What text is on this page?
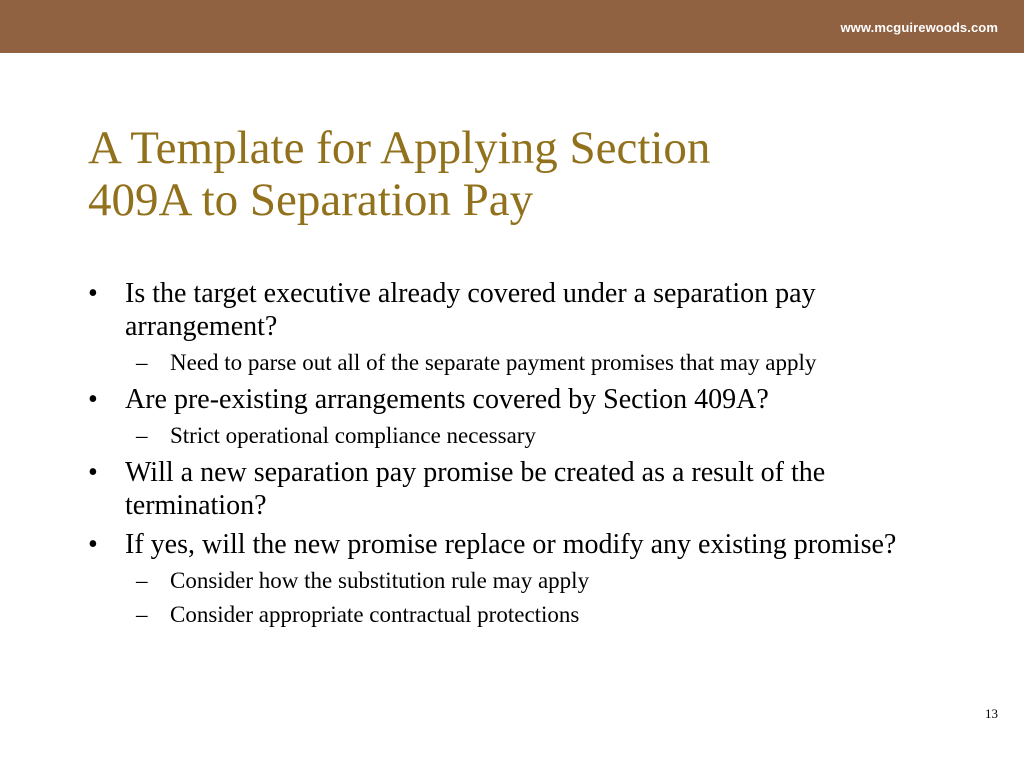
www.mcguirewoods.com
A Template for Applying Section
409A to Separation Pay
• Is the target executive already covered under a separation pay arrangement?
– Need to parse out all of the separate payment promises that may apply
• Are pre-existing arrangements covered by Section 409A?
– Strict operational compliance necessary
• Will a new separation pay promise be created as a result of the termination?
• If yes, will the new promise replace or modify any existing promise?
– Consider how the substitution rule may apply
– Consider appropriate contractual protections
13
